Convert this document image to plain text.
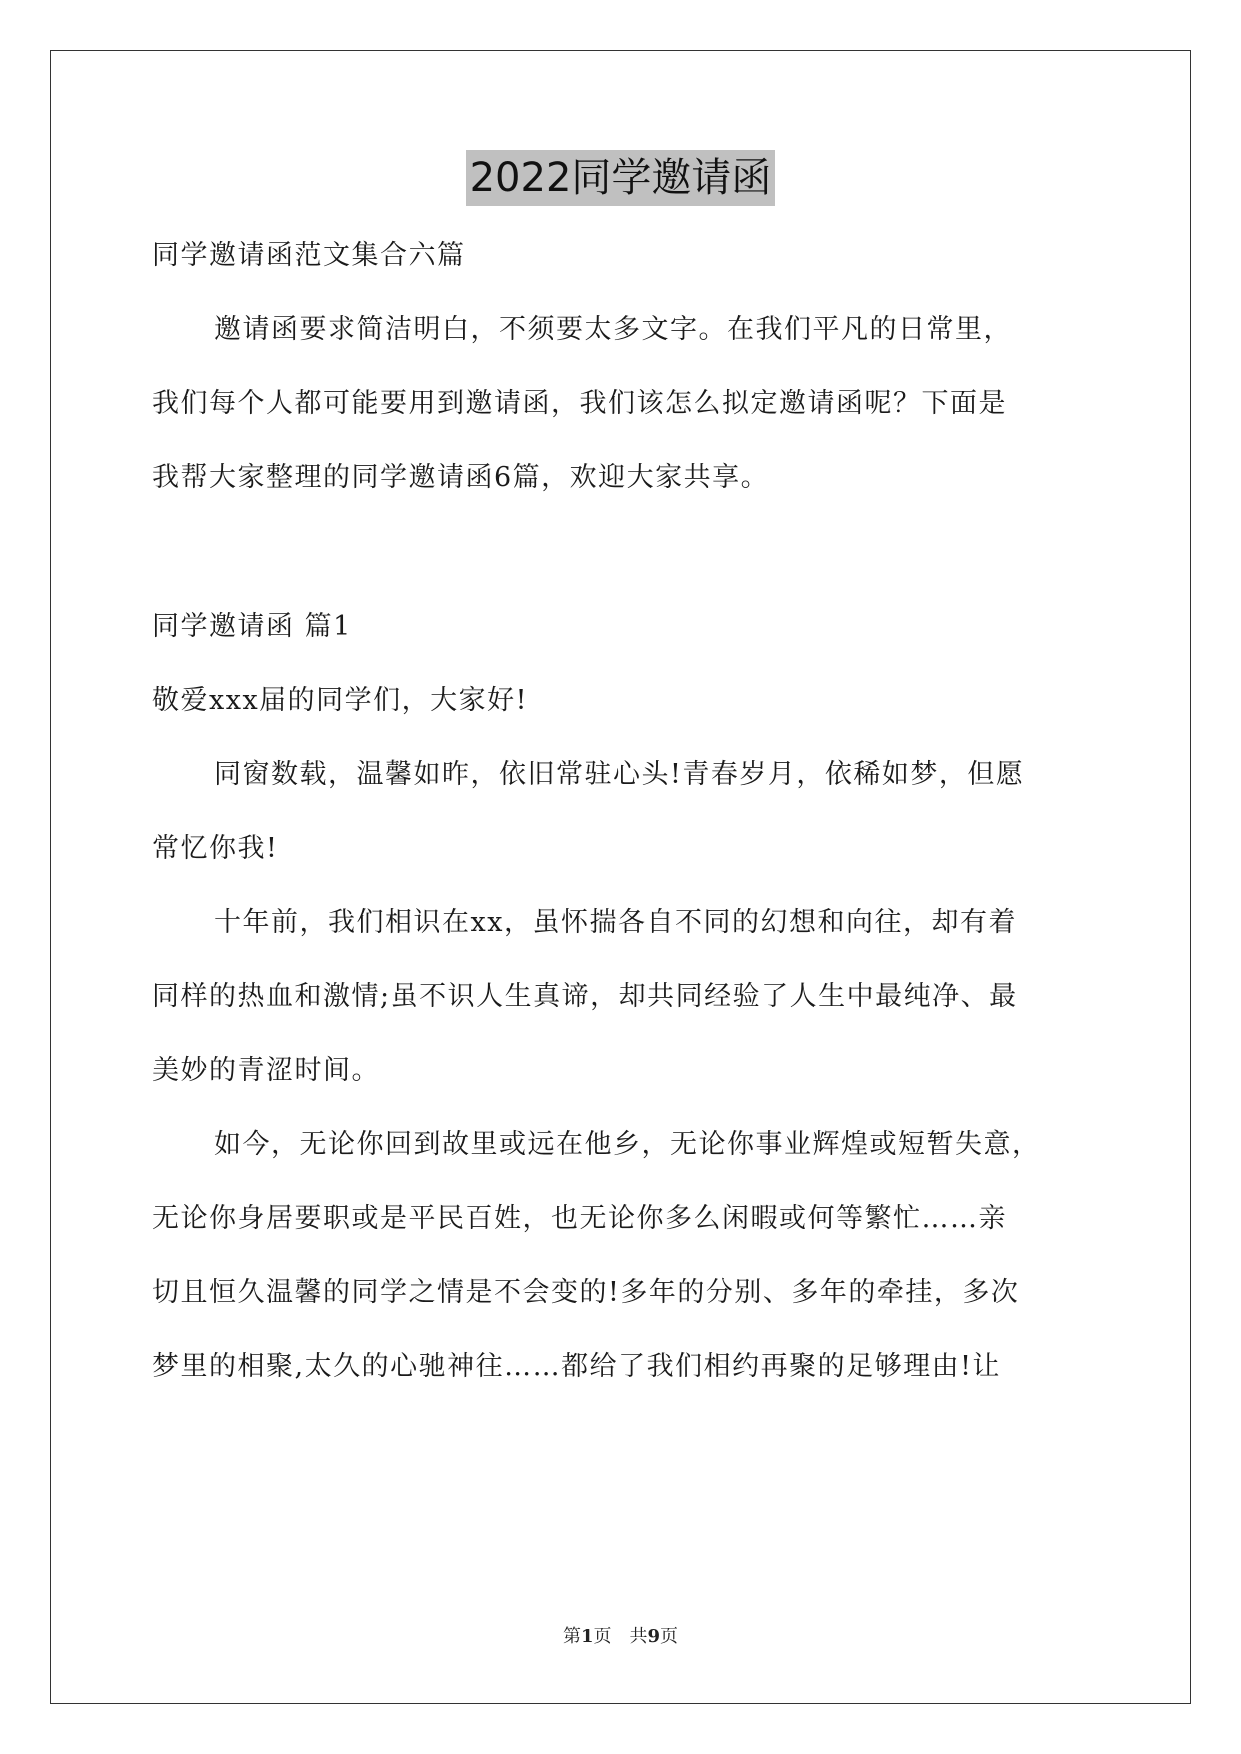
2022同学邀请函
同学邀请函范文集合六篇
邀请函要求简洁明白，不须要太多文字。在我们平凡的日常里，
我们每个人都可能要用到邀请函，我们该怎么拟定邀请函呢？下面是
我帮大家整理的同学邀请函6篇，欢迎大家共享。
同学邀请函 篇1
敬爱xxx届的同学们，大家好!
同窗数载，温馨如昨，依旧常驻心头!青春岁月，依稀如梦，但愿
常忆你我!
十年前，我们相识在xx，虽怀揣各自不同的幻想和向往，却有着
同样的热血和激情;虽不识人生真谛，却共同经验了人生中最纯净、最
美妙的青涩时间。
如今，无论你回到故里或远在他乡，无论你事业辉煌或短暂失意，
无论你身居要职或是平民百姓，也无论你多么闲暇或何等繁忙……亲
切且恒久温馨的同学之情是不会变的!多年的分别、多年的牵挂，多次
梦里的相聚,太久的心驰神往……都给了我们相约再聚的足够理由!让
第1页　共9页
